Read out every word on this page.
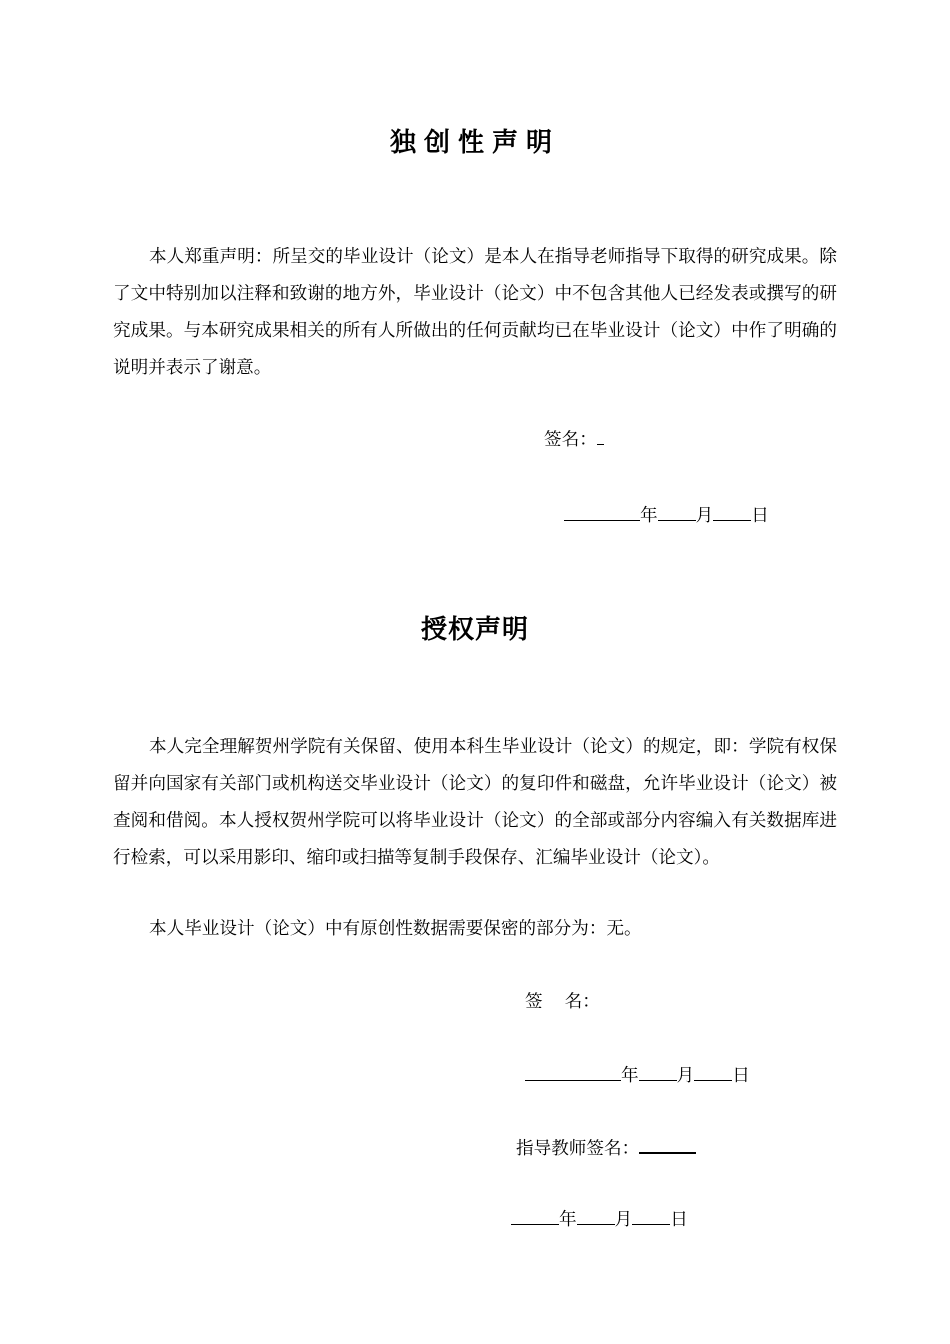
独创性声明

本人郑重声明：所呈交的毕业设计（论文）是本人在指导老师指导下取得的研究成果。除了文中特别加以注释和致谢的地方外，毕业设计（论文）中不包含其他人已经发表或撰写的研究成果。与本研究成果相关的所有人所做出的任何贡献均已在毕业设计（论文）中作了明确的说明并表示了谢意。

签名：
年 月 日
授权声明

本人完全理解贺州学院有关保留、使用本科生毕业设计（论文）的规定，即：学院有权保留并向国家有关部门或机构送交毕业设计（论文）的复印件和磁盘，允许毕业设计（论文）被查阅和借阅。本人授权贺州学院可以将毕业设计（论文）的全部或部分内容编入有关数据库进行检索，可以采用影印、缩印或扫描等复制手段保存、汇编毕业设计（论文）。

本人毕业设计（论文）中有原创性数据需要保密的部分为：无。

签 名：
年 月 日
指导教师签名：
年 月 日
